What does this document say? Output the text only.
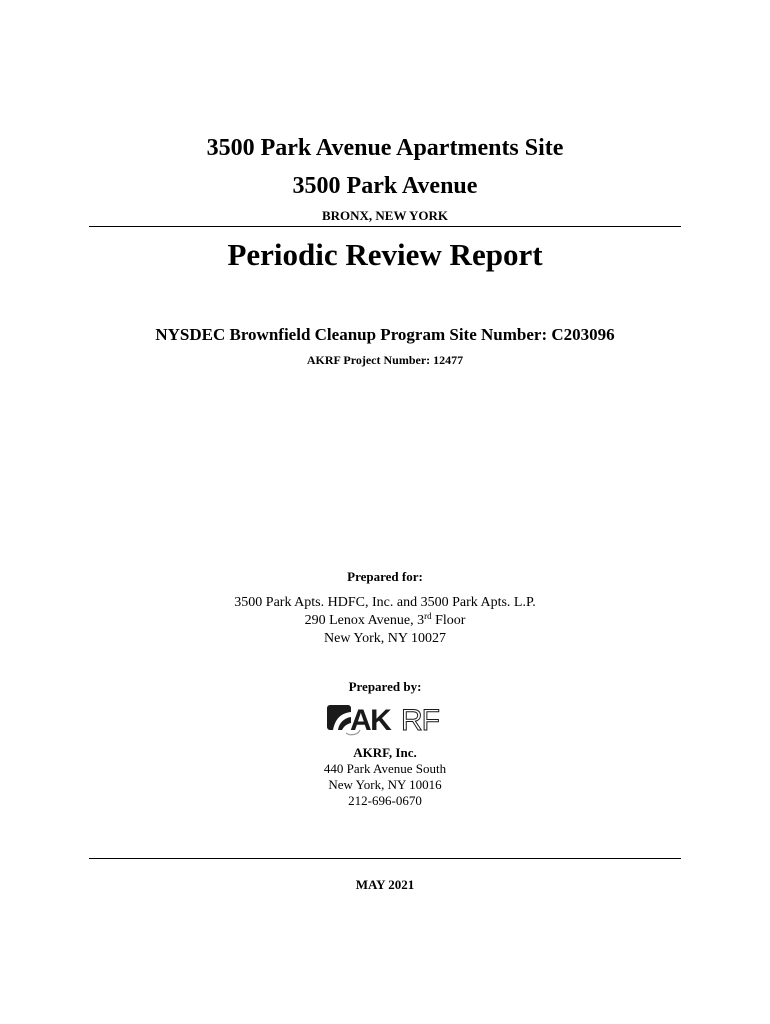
3500 Park Avenue Apartments Site
3500 Park Avenue
BRONX, NEW YORK
Periodic Review Report
NYSDEC Brownfield Cleanup Program Site Number: C203096
AKRF Project Number: 12477
Prepared for:
3500 Park Apts. HDFC, Inc. and 3500 Park Apts. L.P.
290 Lenox Avenue, 3rd Floor
New York, NY 10027
Prepared by:
AK RF
AKRF, Inc.
440 Park Avenue South
New York, NY 10016
212-696-0670
MAY 2021
